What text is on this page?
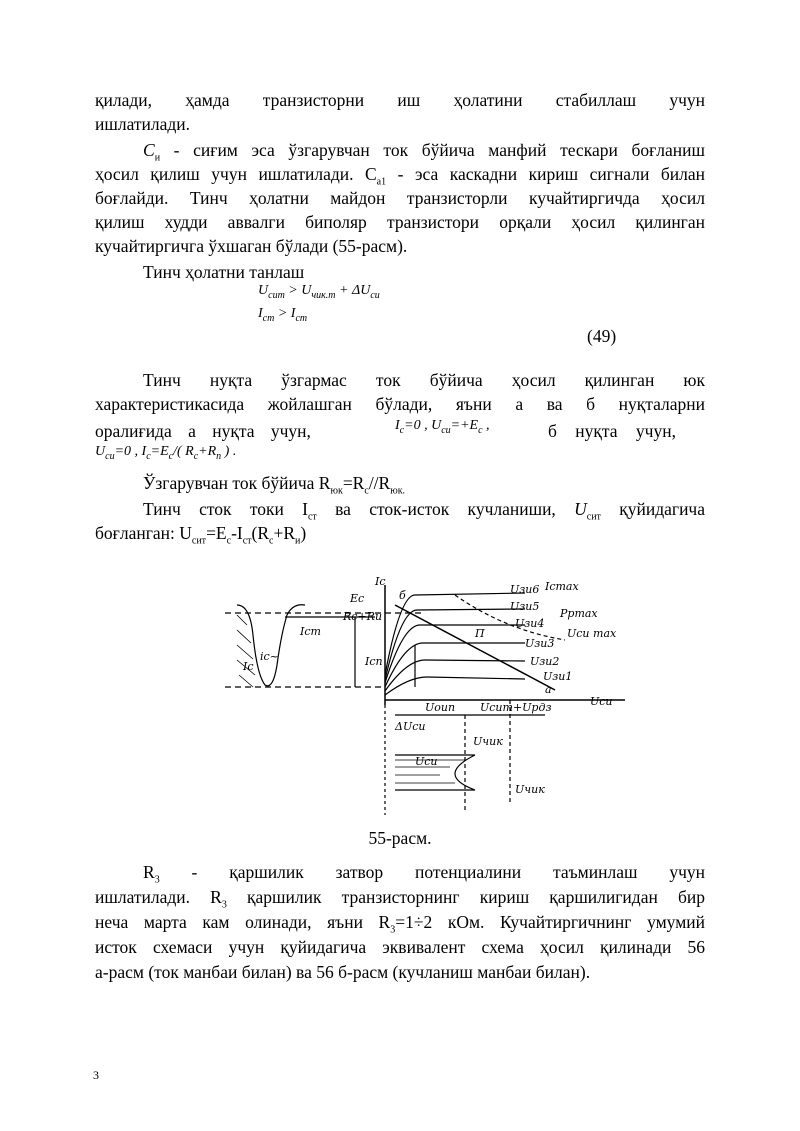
қилади, ҳамда транзисторни иш ҳолатини стабиллаш учун
ишлатилади.
$С_и$ - сиғим эса ўзгарувчан ток бўйича манфий тескари боғланиш
ҳосил қилиш учун ишлатилади. $С_{а1}$ - эса каскадни кириш сигнали билан
боғлайди. Тинч ҳолатни майдон транзисторли кучайтиргичда ҳосил
қилиш худди аввалги биполяр транзистори орқали ҳосил қилинган
кучайтиргичга ўхшаган бўлади (55-расм).
Тинч ҳолатни танлаш
$U_{сит} > U_{чик.т} + \Delta U_{си}$
$I_{ст} > I_{ст}$
(49)
Тинч нуқта ўзгармас ток бўйича ҳосил қилинган юк
характеристикасида жойлашган бўлади, яъни а ва б нуқталарни
оралиғида а нуқта учун,	$I_c=0$ , $U_{си}=+E_c$ ,	б нуқта учун,
$U_{си}=0$ , $I_c=E_c/$( $R_c+R_п$ ) .
Ўзгарувчан ток бўйича $R_{юк}=R_c//R_{юк.}$
Тинч сток токи $I_{ст}$ ва сток-исток кучланиши, $U_{сит}$ қуйидагича
боғланган: $U_{сит}=E_c-I_{ст}(R_c+R_и)$
Ic
Ec
Rc+Ru
б
Icт
Icп
ic~
Ic
Icmax
Uзи6
Uзи5
Pрmax
Uзи4
П	Ucи max
Uзи3
Uзи2
Uзи1
а
Ucu
Uоuп Uсит+Uрдз
ΔUси
Uчик
Uчик
Uси
55-расм.
$R_3$ - қаршилик затвор потенциалини таъминлаш учун
ишлатилади. $R_3$ қаршилик транзисторнинг кириш қаршилигидан бир
неча марта кам олинади, яъни $R_3=1\div 2$ кОм. Кучайтиргичнинг умумий
исток схемаси учун қуйидагича эквивалент схема ҳосил қилинади 56
а-расм (ток манбаи билан) ва 56 б-расм (кучланиш манбаи билан).
3
